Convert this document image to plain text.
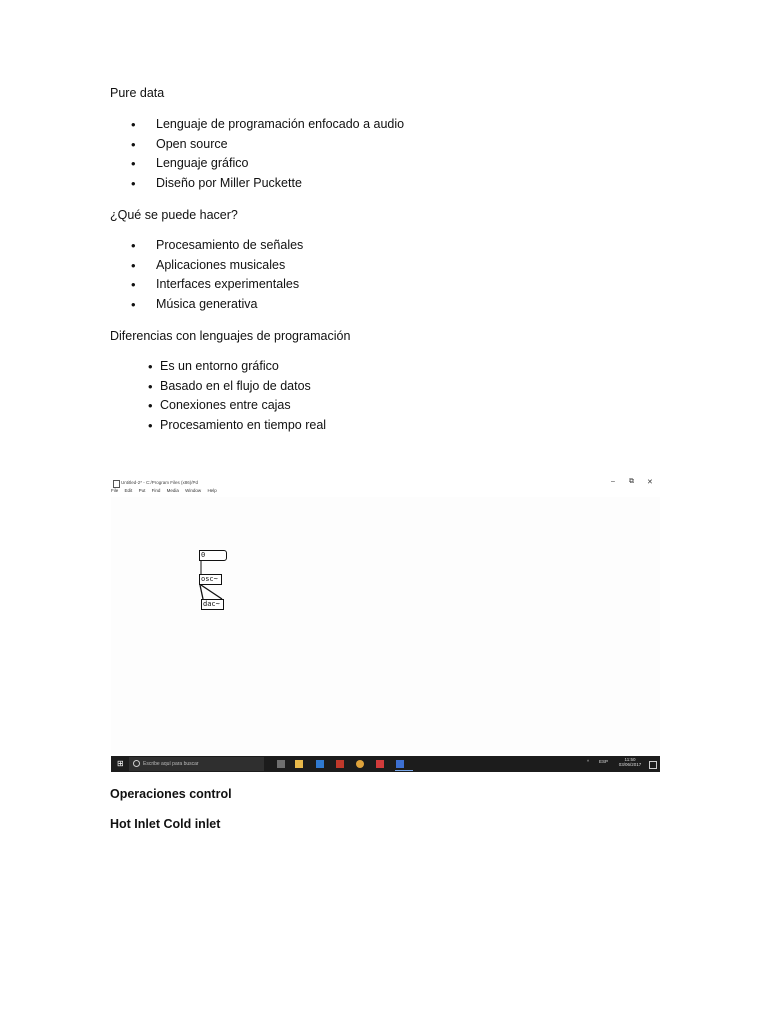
Pure data

• Lenguaje de programación enfocado a audio
• Open source
• Lenguaje gráfico
• Diseño por Miller Puckette

¿Qué se puede hacer?

• Procesamiento de señales
• Aplicaciones musicales
• Interfaces experimentales
• Música generativa

Diferencias con lenguajes de programación

• Es un entorno gráfico
• Basado en el flujo de datos
• Conexiones entre cajas
• Procesamiento en tiempo real
Untitled-2* - C:/Program Files (x86)/Pd	– ⧉ ✕
File Edit Put Find Media Window Help
0
osc~
dac~
⊞	Escribe aquí para buscar	^ ESP	11:50
03/06/2017

Operaciones control

Hot Inlet Cold inlet
